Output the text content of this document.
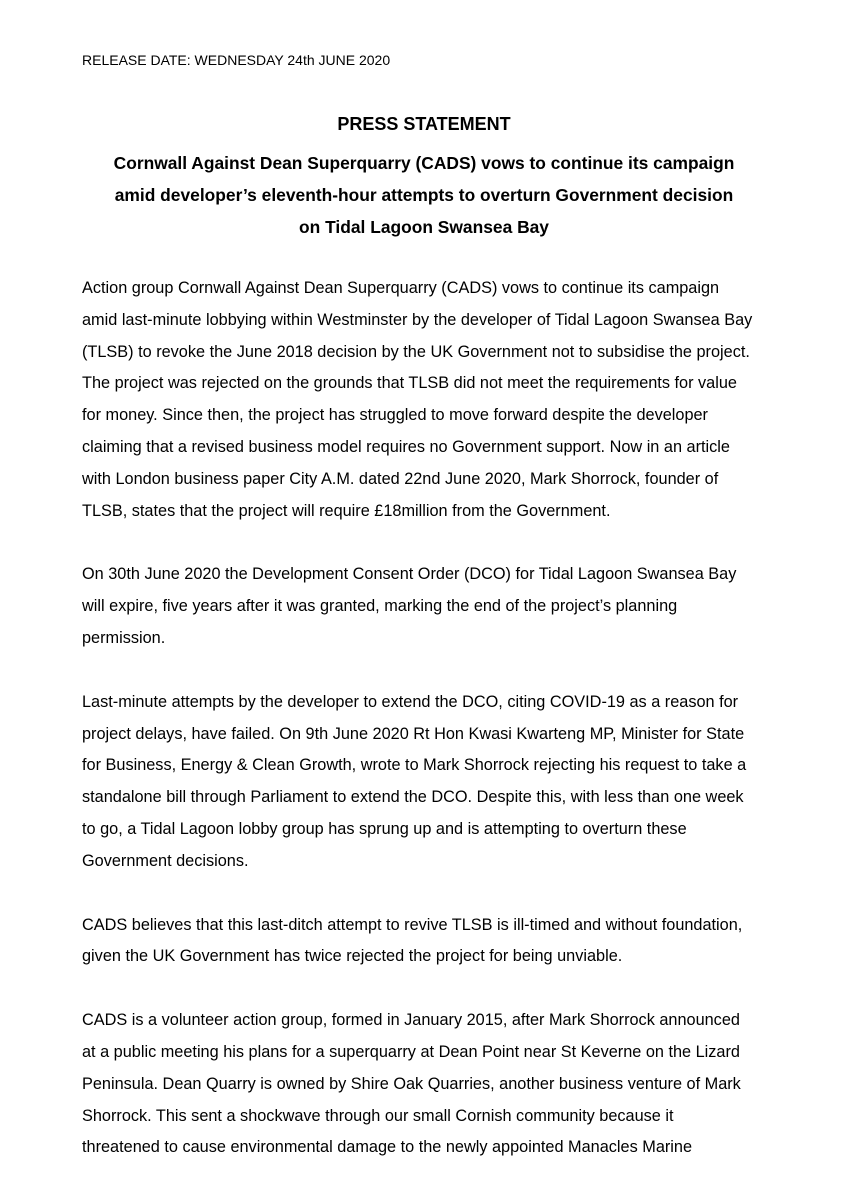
RELEASE DATE: WEDNESDAY 24th JUNE 2020
PRESS STATEMENT
Cornwall Against Dean Superquarry (CADS) vows to continue its campaign
amid developer’s eleventh-hour attempts to overturn Government decision
on Tidal Lagoon Swansea Bay
Action group Cornwall Against Dean Superquarry (CADS) vows to continue its campaign
amid last-minute lobbying within Westminster by the developer of Tidal Lagoon Swansea Bay
(TLSB) to revoke the June 2018 decision by the UK Government not to subsidise the project.
The project was rejected on the grounds that TLSB did not meet the requirements for value
for money. Since then, the project has struggled to move forward despite the developer
claiming that a revised business model requires no Government support. Now in an article
with London business paper City A.M. dated 22nd June 2020, Mark Shorrock, founder of
TLSB, states that the project will require £18million from the Government.
On 30th June 2020 the Development Consent Order (DCO) for Tidal Lagoon Swansea Bay
will expire, five years after it was granted, marking the end of the project’s planning
permission.
Last-minute attempts by the developer to extend the DCO, citing COVID-19 as a reason for
project delays, have failed. On 9th June 2020 Rt Hon Kwasi Kwarteng MP, Minister for State
for Business, Energy & Clean Growth, wrote to Mark Shorrock rejecting his request to take a
standalone bill through Parliament to extend the DCO. Despite this, with less than one week
to go, a Tidal Lagoon lobby group has sprung up and is attempting to overturn these
Government decisions.
CADS believes that this last-ditch attempt to revive TLSB is ill-timed and without foundation,
given the UK Government has twice rejected the project for being unviable.
CADS is a volunteer action group, formed in January 2015, after Mark Shorrock announced
at a public meeting his plans for a superquarry at Dean Point near St Keverne on the Lizard
Peninsula. Dean Quarry is owned by Shire Oak Quarries, another business venture of Mark
Shorrock. This sent a shockwave through our small Cornish community because it
threatened to cause environmental damage to the newly appointed Manacles Marine
